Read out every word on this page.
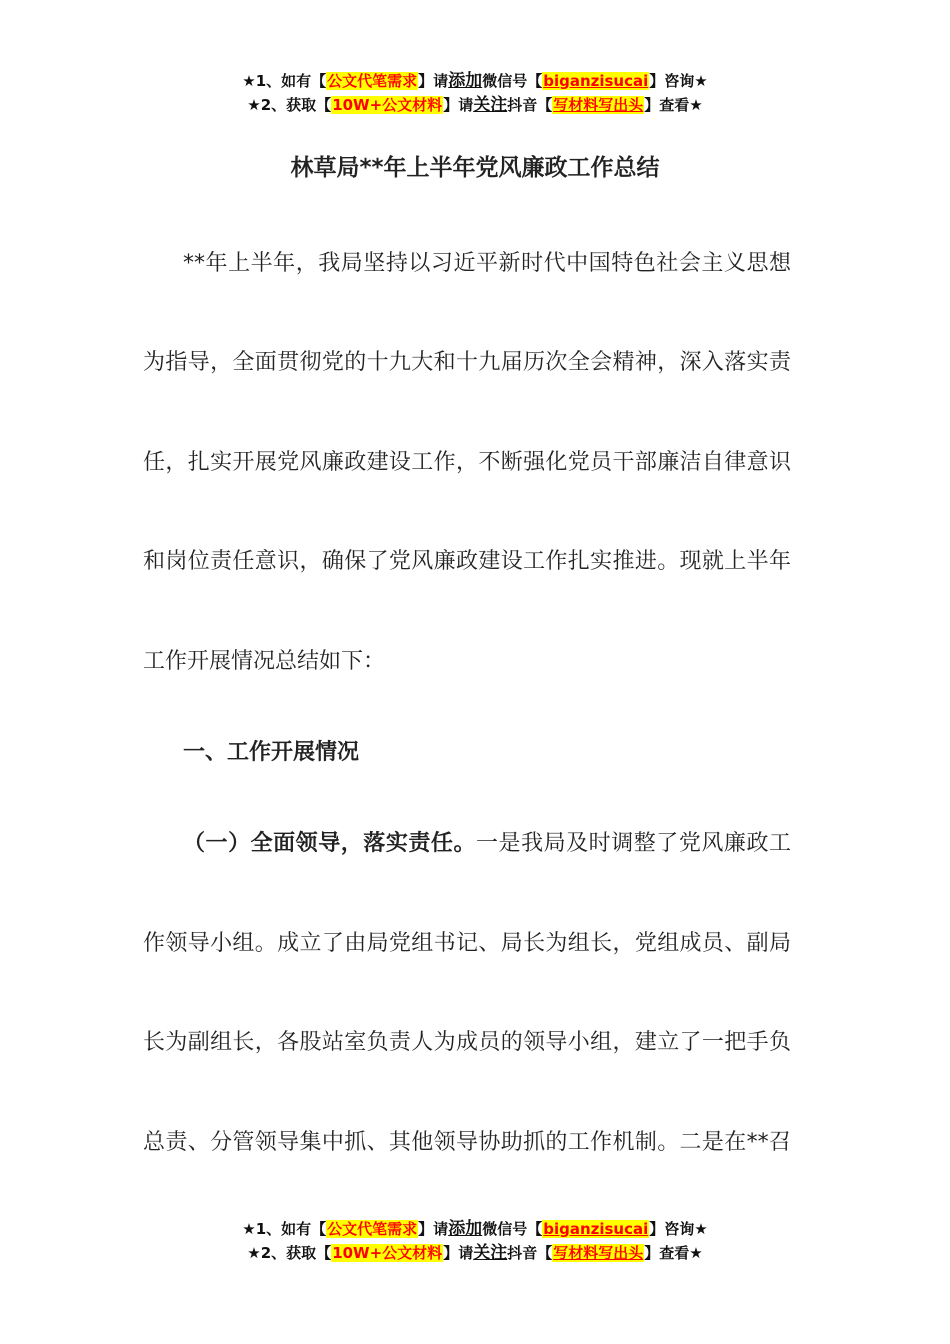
★1、如有【公文代笔需求】请添加微信号【biganzisucai】咨询★
★2、获取【10W+公文材料】请关注抖音【写材料写出头】查看★
林草局**年上半年党风廉政工作总结
**年上半年，我局坚持以习近平新时代中国特色社会主义思想
为指导，全面贯彻党的十九大和十九届历次全会精神，深入落实责
任，扎实开展党风廉政建设工作，不断强化党员干部廉洁自律意识
和岗位责任意识，确保了党风廉政建设工作扎实推进。现就上半年
工作开展情况总结如下：
一、工作开展情况
（一）全面领导，落实责任。一是我局及时调整了党风廉政工
作领导小组。成立了由局党组书记、局长为组长，党组成员、副局
长为副组长，各股站室负责人为成员的领导小组，建立了一把手负
总责、分管领导集中抓、其他领导协助抓的工作机制。二是在**召
★1、如有【公文代笔需求】请添加微信号【biganzisucai】咨询★
★2、获取【10W+公文材料】请关注抖音【写材料写出头】查看★
